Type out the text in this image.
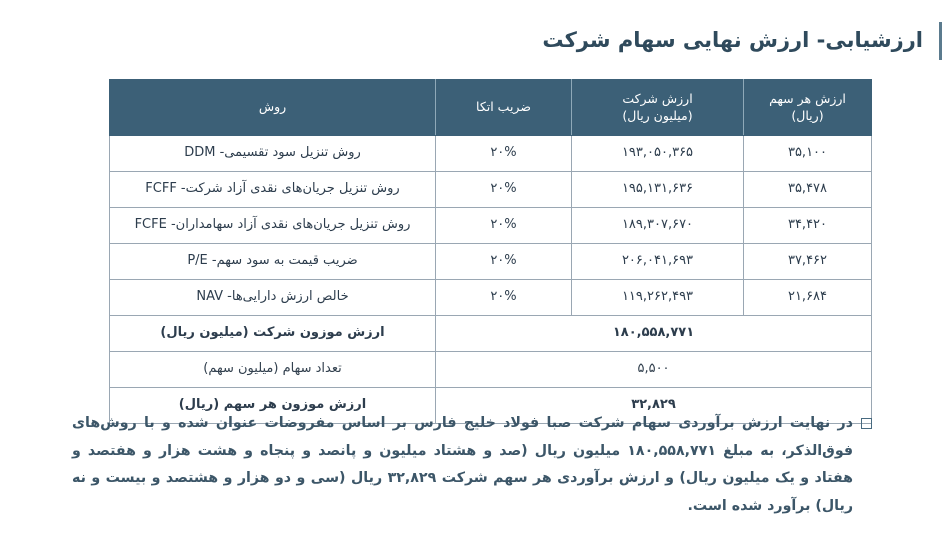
ارزشیابی- ارزش نهایی سهام شرکت
ارزش هر سهم
(ریال)

ارزش شرکت
(میلیون ریال)

ضریب اتکا

روش

۳۵,۱۰۰	۱۹۳,۰۵۰,۳۶۵	۲۰%	روش تنزیل سود تقسیمی- DDM
۳۵,۴۷۸	۱۹۵,۱۳۱,۶۳۶	۲۰%	روش تنزیل جریان‌های نقدی آزاد شرکت- FCFF
۳۴,۴۲۰	۱۸۹,۳۰۷,۶۷۰	۲۰%	روش تنزیل جریان‌های نقدی آزاد سهامداران- FCFE
۳۷,۴۶۲	۲۰۶,۰۴۱,۶۹۳	۲۰%	ضریب قیمت به سود سهم- P/E
۲۱,۶۸۴	۱۱۹,۲۶۲,۴۹۳	۲۰%	خالص ارزش دارایی‌ها- NAV
۱۸۰,۵۵۸,۷۷۱			ارزش موزون شرکت (میلیون ریال)
۵,۵۰۰			تعداد سهام (میلیون سهم)
۳۲,۸۲۹			ارزش موزون هر سهم (ریال)
در نهایت ارزش برآوردی سهام شرکت صبا فولاد خلیج فارس بر اساس مفروضات عنوان شده و با روش‌های فوق‌الذکر، به مبلغ ۱۸۰,۵۵۸,۷۷۱ میلیون ریال (صد و هشتاد میلیون و پانصد و پنجاه و هشت هزار و هفتصد و هفتاد و یک میلیون ریال) و ارزش برآوردی هر سهم شرکت ۳۲,۸۲۹ ریال (سی و دو هزار و هشتصد و بیست و نه ریال) برآورد شده است.
